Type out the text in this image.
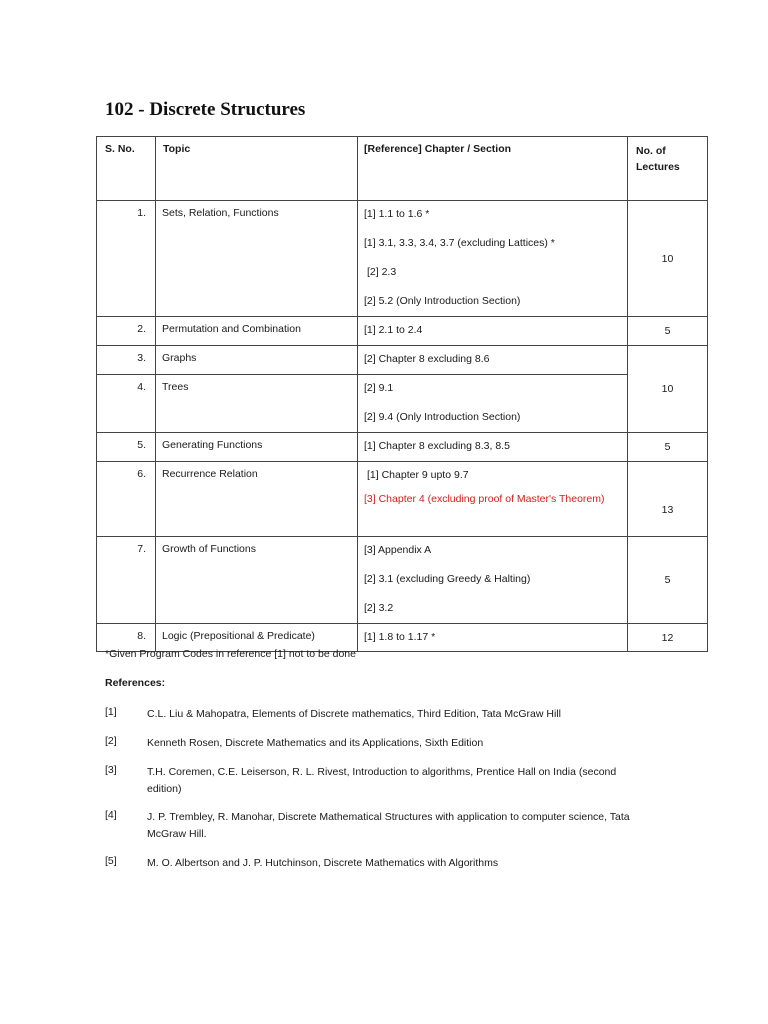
102 - Discrete Structures
S. No.	Topic	[Reference] Chapter / Section	No. of
Lectures

1.	Sets, Relation, Functions	[1] 1.1 to 1.6 *
[1] 3.1, 3.3, 3.4, 3.7 (excluding Lattices) *
[2] 2.3
[2] 5.2 (Only Introduction Section)	10
2.	Permutation and Combination	[1] 2.1 to 2.4	5
3.	Graphs	[2] Chapter 8 excluding 8.6	10
4.	Trees	[2] 9.1
[2] 9.4 (Only Introduction Section)	

5.	Generating Functions	[1] Chapter 8 excluding 8.3, 8.5	5
6.	Recurrence Relation	[1] Chapter 9 upto 9.7
[3] Chapter 4 (excluding proof of Master's Theorem)	13
7.	Growth of Functions	[3] Appendix A
[2] 3.1 (excluding Greedy & Halting)
[2] 3.2	5
8.	Logic (Prepositional & Predicate)	[1] 1.8 to 1.17 *	12
*Given Program Codes in reference [1] not to be done
References:
[1]	C.L. Liu & Mahopatra, Elements of Discrete mathematics, Third Edition, Tata McGraw Hill
[2]	Kenneth Rosen, Discrete Mathematics and its Applications, Sixth Edition
[3]	T.H. Coremen, C.E. Leiserson, R. L. Rivest, Introduction to algorithms, Prentice Hall on India (second edition)
[4]	J. P. Trembley, R. Manohar, Discrete Mathematical Structures with application to computer science, Tata McGraw Hill.
[5]	M. O. Albertson and J. P. Hutchinson, Discrete Mathematics with Algorithms
